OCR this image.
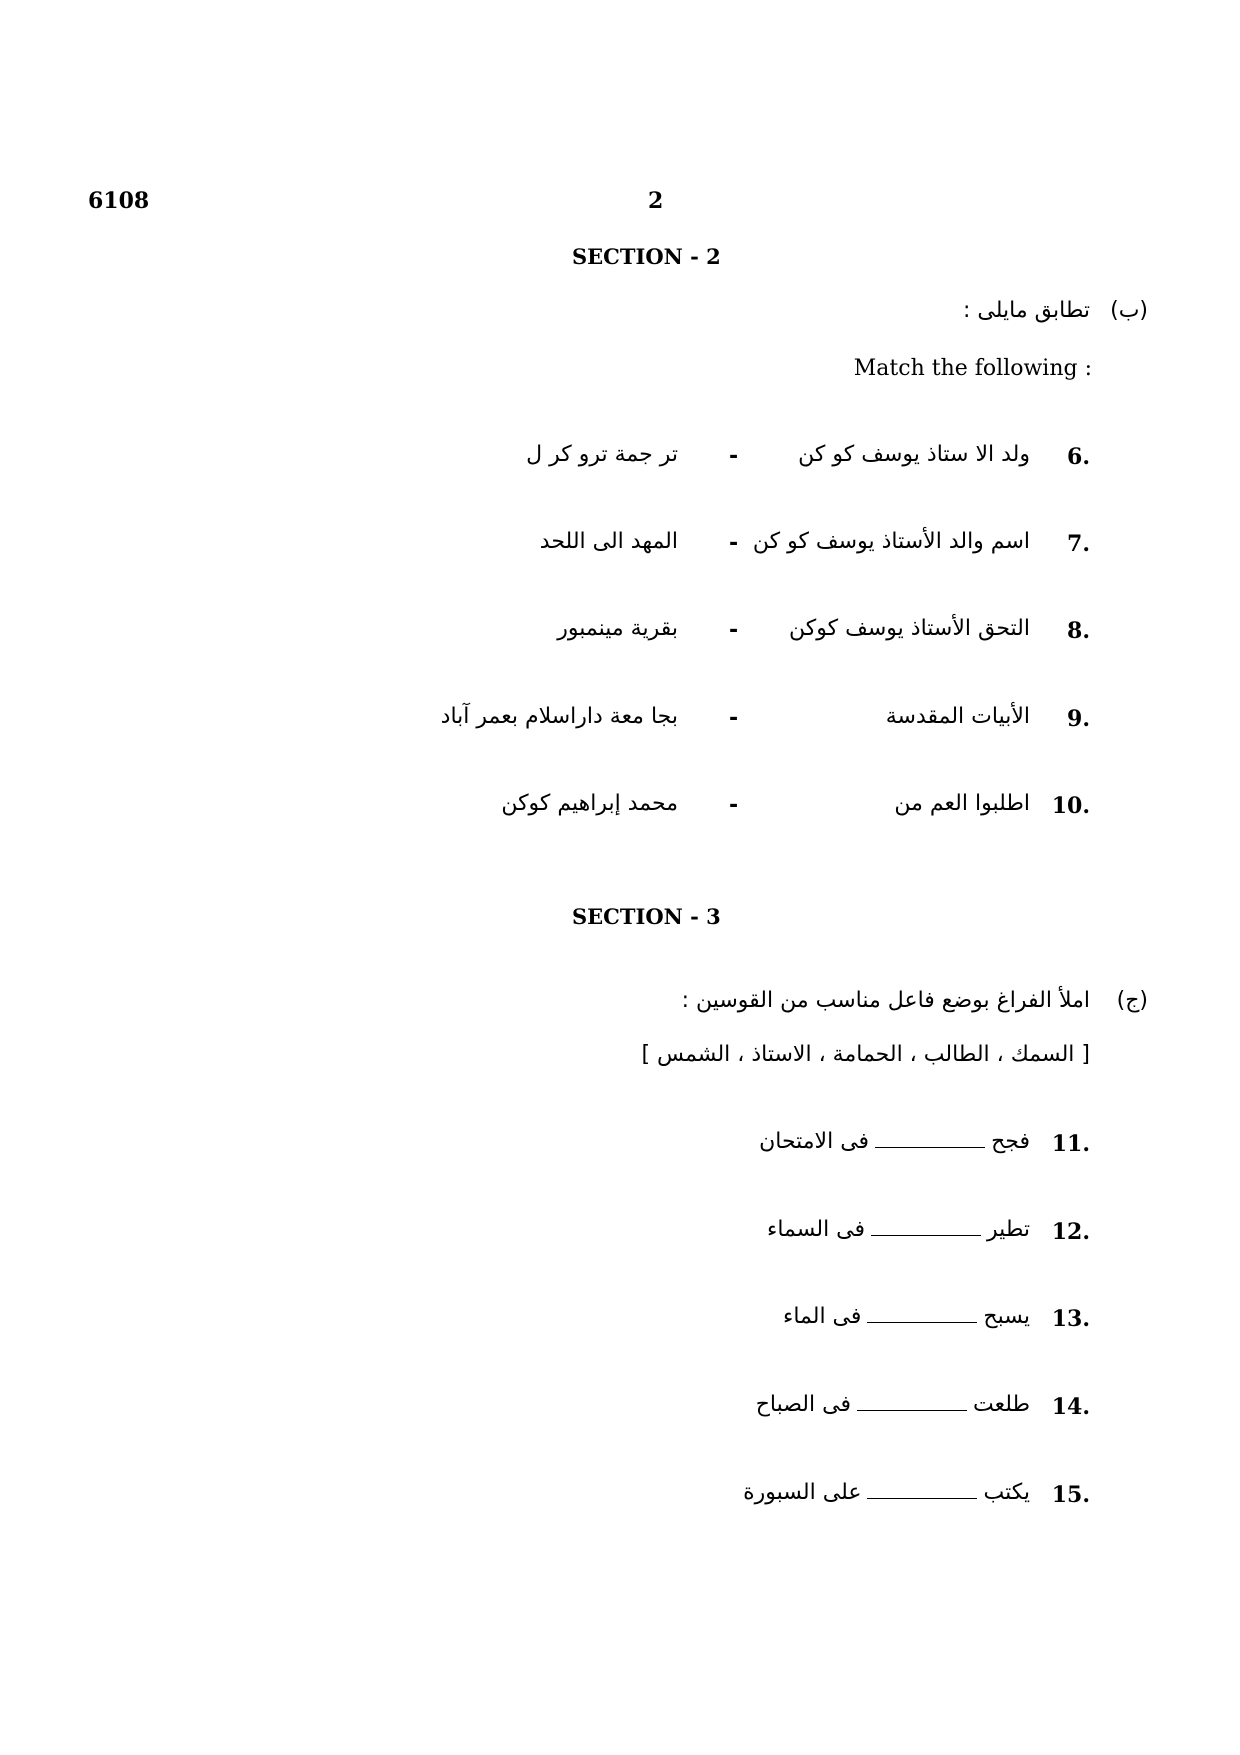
6108	2
SECTION - 2
(ب)
تطابق مايلى :
Match the following :
6.
ولد الا ستاذ يوسف كو كن
-
تر جمة ترو كر ل
7.
اسم والد الأستاذ يوسف كو كن
-
المهد الى اللحد
8.
التحق الأستاذ يوسف كوكن
-
بقرية مينمبور
9.
الأبيات المقدسة
-
بجا معة داراسلام بعمر آباد
10.
اطلبوا العم من
-
محمد إبراهيم كوكن
SECTION - 3
(ج)
املأ الفراغ بوضع فاعل مناسب من القوسين :
[ السمك ، الطالب ، الحمامة ، الاستاذ ، الشمس ]
11.
فجحفى الامتحان
12.
تطيرفى السماء
13.
يسبحفى الماء
14.
طلعتفى الصباح
15.
يكتبعلى السبورة
